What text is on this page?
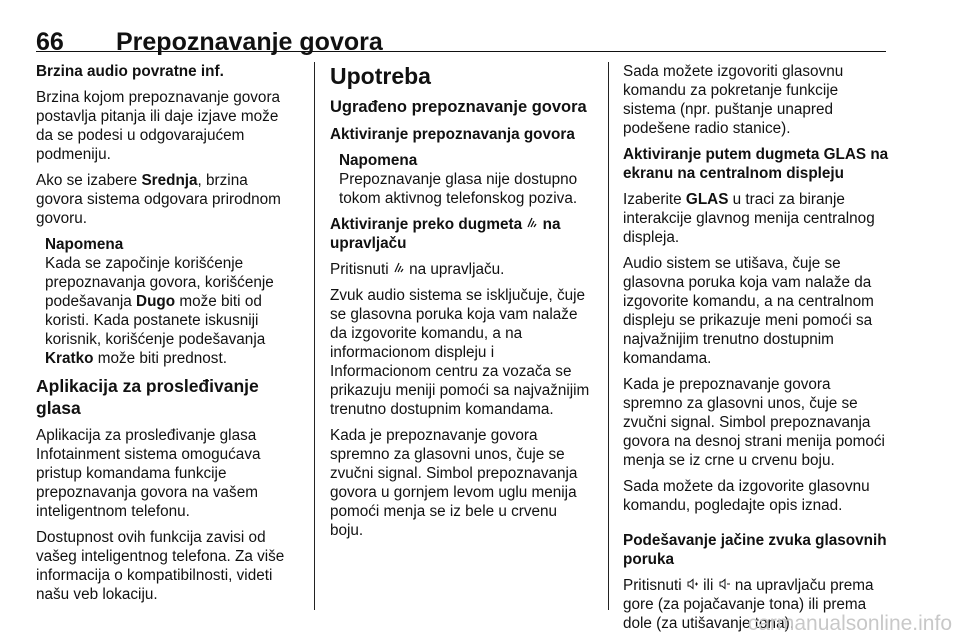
66 Prepoznavanje govora

Brzina audio povratne inf.

Brzina kojom prepoznavanje govora postavlja pitanja ili daje izjave može da se podesi u odgovarajućem podmeniju.

Ako se izabere Srednja, brzina govora sistema odgovara prirodnom govoru.

Napomena
Kada se započinje korišćenje prepoznavanja govora, korišćenje podešavanja Dugo može biti od koristi. Kada postanete iskusniji korisnik, korišćenje podešavanja Kratko može biti prednost.

Aplikacija za prosleđivanje glasa

Aplikacija za prosleđivanje glasa Infotainment sistema omogućava pristup komandama funkcije prepoznavanja govora na vašem inteligentnom telefonu.

Dostupnost ovih funkcija zavisi od vašeg inteligentnog telefona. Za više informacija o kompatibilnosti, videti našu veb lokaciju.

Upotreba

Ugrađeno prepoznavanje govora

Aktiviranje prepoznavanja govora

Napomena
Prepoznavanje glasa nije dostupno tokom aktivnog telefonskog poziva.

Aktiviranje preko dugmeta  na upravljaču

Pritisnuti  na upravljaču.

Zvuk audio sistema se isključuje, čuje se glasovna poruka koja vam nalaže da izgovorite komandu, a na informacionom displeju i Informacionom centru za vozača se prikazuju meniji pomoći sa najvažnijim trenutno dostupnim komandama.

Kada je prepoznavanje govora spremno za glasovni unos, čuje se zvučni signal. Simbol prepoznavanja govora u gornjem levom uglu menija pomoći menja se iz bele u crvenu boju.

Sada možete izgovoriti glasovnu komandu za pokretanje funkcije sistema (npr. puštanje unapred podešene radio stanice).

Aktiviranje putem dugmeta GLAS na ekranu na centralnom displeju

Izaberite GLAS u traci za biranje interakcije glavnog menija centralnog displeja.

Audio sistem se utišava, čuje se glasovna poruka koja vam nalaže da izgovorite komandu, a na centralnom displeju se prikazuje meni pomoći sa najvažnijim trenutno dostupnim komandama.

Kada je prepoznavanje govora spremno za glasovni unos, čuje se zvučni signal. Simbol prepoznavanja govora na desnoj strani menija pomoći menja se iz crne u crvenu boju.

Sada možete da izgovorite glasovnu komandu, pogledajte opis iznad.

Podešavanje jačine zvuka glasovnih poruka

Pritisnuti  ili  na upravljaču prema gore (za pojačavanje tona) ili prema dole (za utišavanje tona).

carmanualsonline.info
